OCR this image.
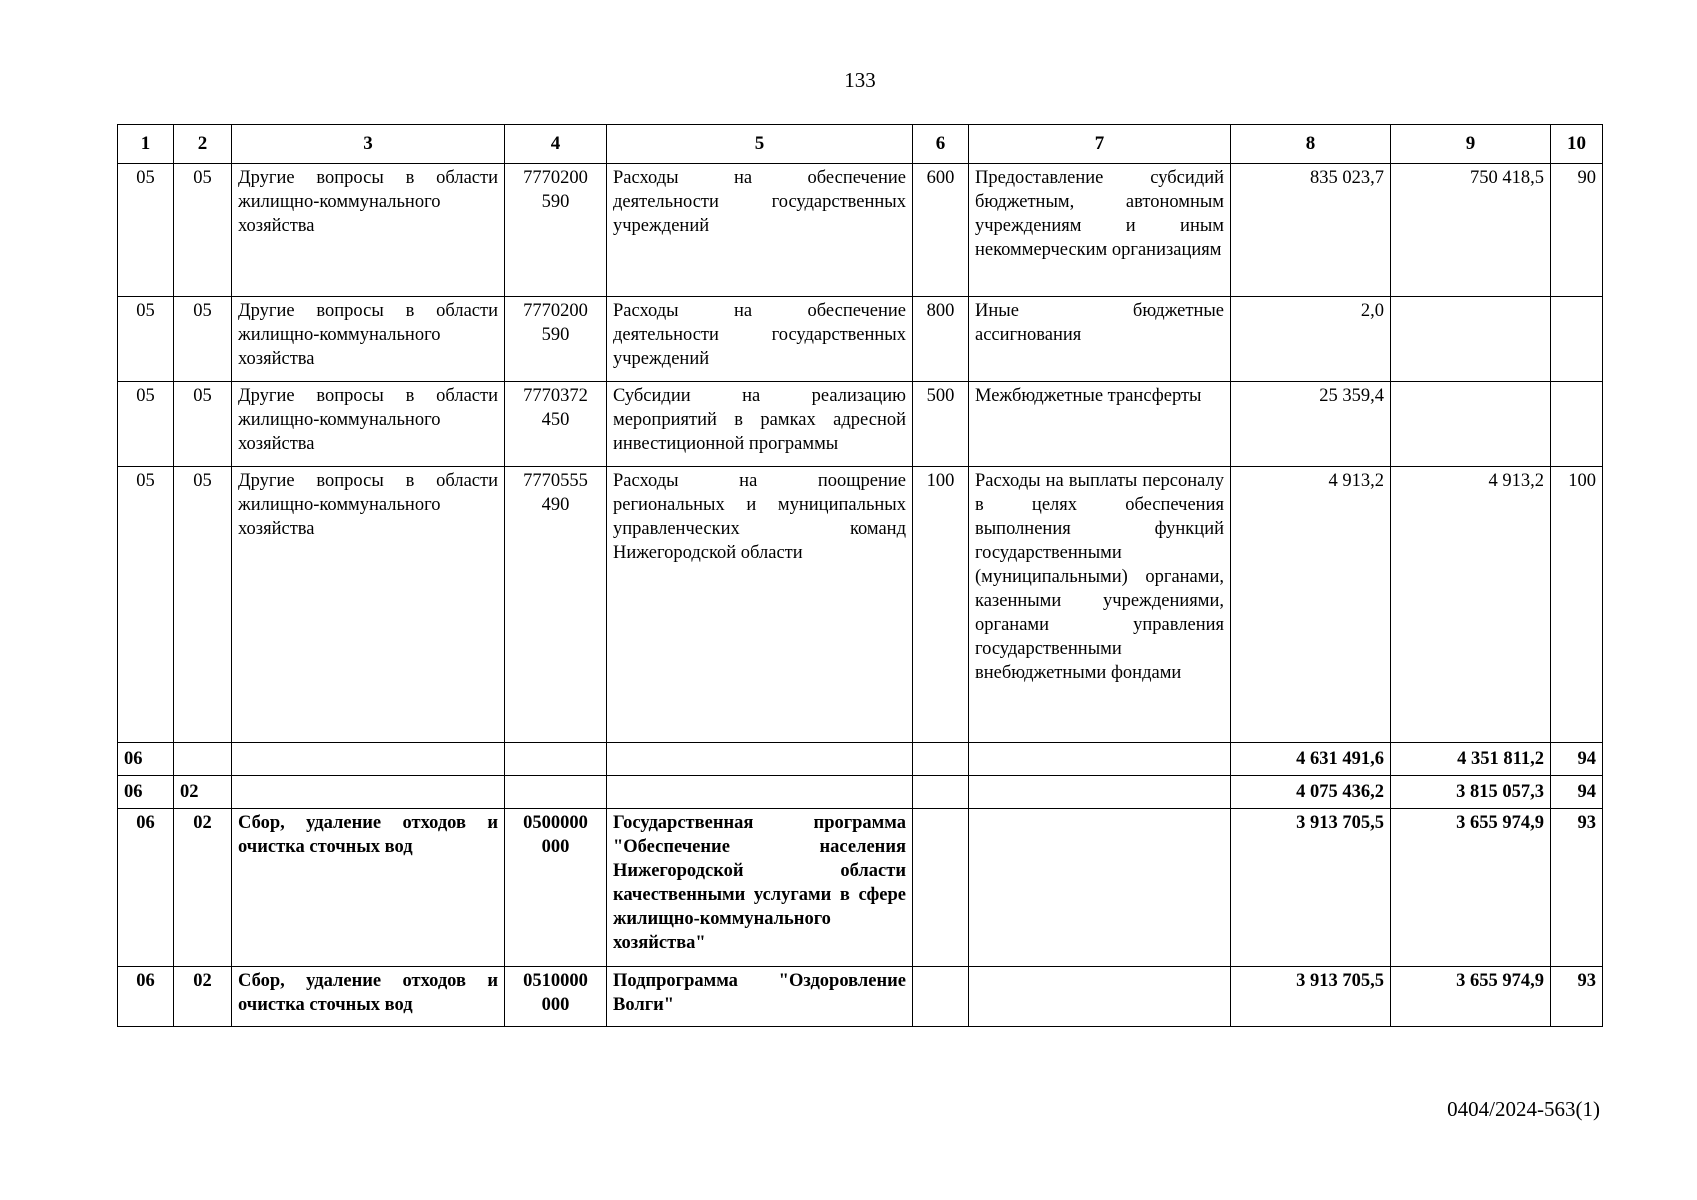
133
1	2	3	4	5	6	7	8	9	10
05	05	Другие вопросы в области жилищно-коммунального хозяйства	7770200 590	Расходы на обеспечение деятельности государственных учреждений	600	Предоставление субсидий бюджетным, автономным учреждениям и иным некоммерческим организациям	835 023,7	750 418,5	90
05	05	Другие вопросы в области жилищно-коммунального хозяйства	7770200 590	Расходы на обеспечение деятельности государственных учреждений	800	Иные бюджетные ассигнования	2,0		
05	05	Другие вопросы в области жилищно-коммунального хозяйства	7770372 450	Субсидии на реализацию мероприятий в рамках адресной инвестиционной программы	500	Межбюджетные трансферты	25 359,4		
05	05	Другие вопросы в области жилищно-коммунального хозяйства	7770555 490	Расходы на поощрение региональных и муниципальных управленческих команд Нижегородской области	100	Расходы на выплаты персоналу в целях обеспечения выполнения функций государственными (муниципальными) органами, казенными учреждениями, органами управления государственными внебюджетными фондами	4 913,2	4 913,2	100
06							4 631 491,6	4 351 811,2	94
06	02						4 075 436,2	3 815 057,3	94
06	02	Сбор, удаление отходов и очистка сточных вод	0500000 000	Государственная программа "Обеспечение населения Нижегородской области качественными услугами в сфере жилищно-коммунального хозяйства"			3 913 705,5	3 655 974,9	93
06	02	Сбор, удаление отходов и очистка сточных вод	0510000 000	Подпрограмма "Оздоровление Волги"			3 913 705,5	3 655 974,9	93
0404/2024-563(1)
